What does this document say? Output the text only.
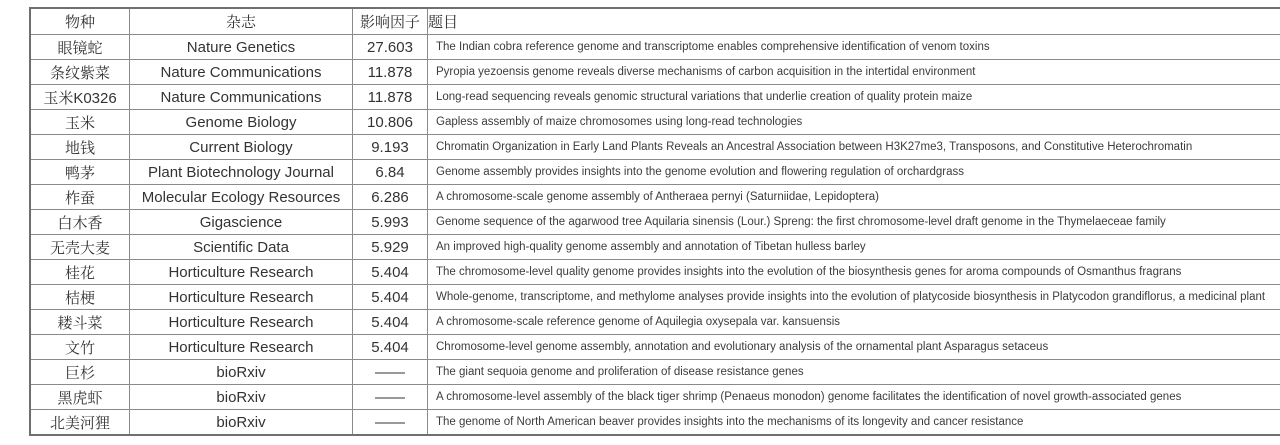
物种	杂志	影响因子	题目
眼镜蛇	Nature Genetics	27.603	The Indian cobra reference genome and transcriptome enables comprehensive identification of venom toxins
条纹紫菜	Nature Communications	11.878	Pyropia yezoensis genome reveals diverse mechanisms of carbon acquisition in the intertidal environment
玉米K0326	Nature Communications	11.878	Long-read sequencing reveals genomic structural variations that underlie creation of quality protein maize
玉米	Genome Biology	10.806	Gapless assembly of maize chromosomes using long-read technologies
地钱	Current Biology	9.193	Chromatin Organization in Early Land Plants Reveals an Ancestral Association between H3K27me3, Transposons, and Constitutive Heterochromatin
鸭茅	Plant Biotechnology Journal	6.84	Genome assembly provides insights into the genome evolution and flowering regulation of orchardgrass
柞蚕	Molecular Ecology Resources	6.286	A chromosome-scale genome assembly of Antheraea pernyi (Saturniidae, Lepidoptera)
白木香	Gigascience	5.993	Genome sequence of the agarwood tree Aquilaria sinensis (Lour.) Spreng: the first chromosome-level draft genome in the Thymelaeceae family
无壳大麦	Scientific Data	5.929	An improved high-quality genome assembly and annotation of Tibetan hulless barley
桂花	Horticulture Research	5.404	The chromosome-level quality genome provides insights into the evolution of the biosynthesis genes for aroma compounds of Osmanthus fragrans
桔梗	Horticulture Research	5.404	Whole-genome, transcriptome, and methylome analyses provide insights into the evolution of platycoside biosynthesis in Platycodon grandiflorus, a medicinal plant
耧斗菜	Horticulture Research	5.404	A chromosome-scale reference genome of Aquilegia oxysepala var. kansuensis
文竹	Horticulture Research	5.404	Chromosome-level genome assembly, annotation and evolutionary analysis of the ornamental plant Asparagus setaceus
巨杉	bioRxiv	——	The giant sequoia genome and proliferation of disease resistance genes
黑虎虾	bioRxiv	——	A chromosome-level assembly of the black tiger shrimp (Penaeus monodon) genome facilitates the identification of novel growth-associated genes
北美河狸	bioRxiv	——	The genome of North American beaver provides insights into the mechanisms of its longevity and cancer resistance
